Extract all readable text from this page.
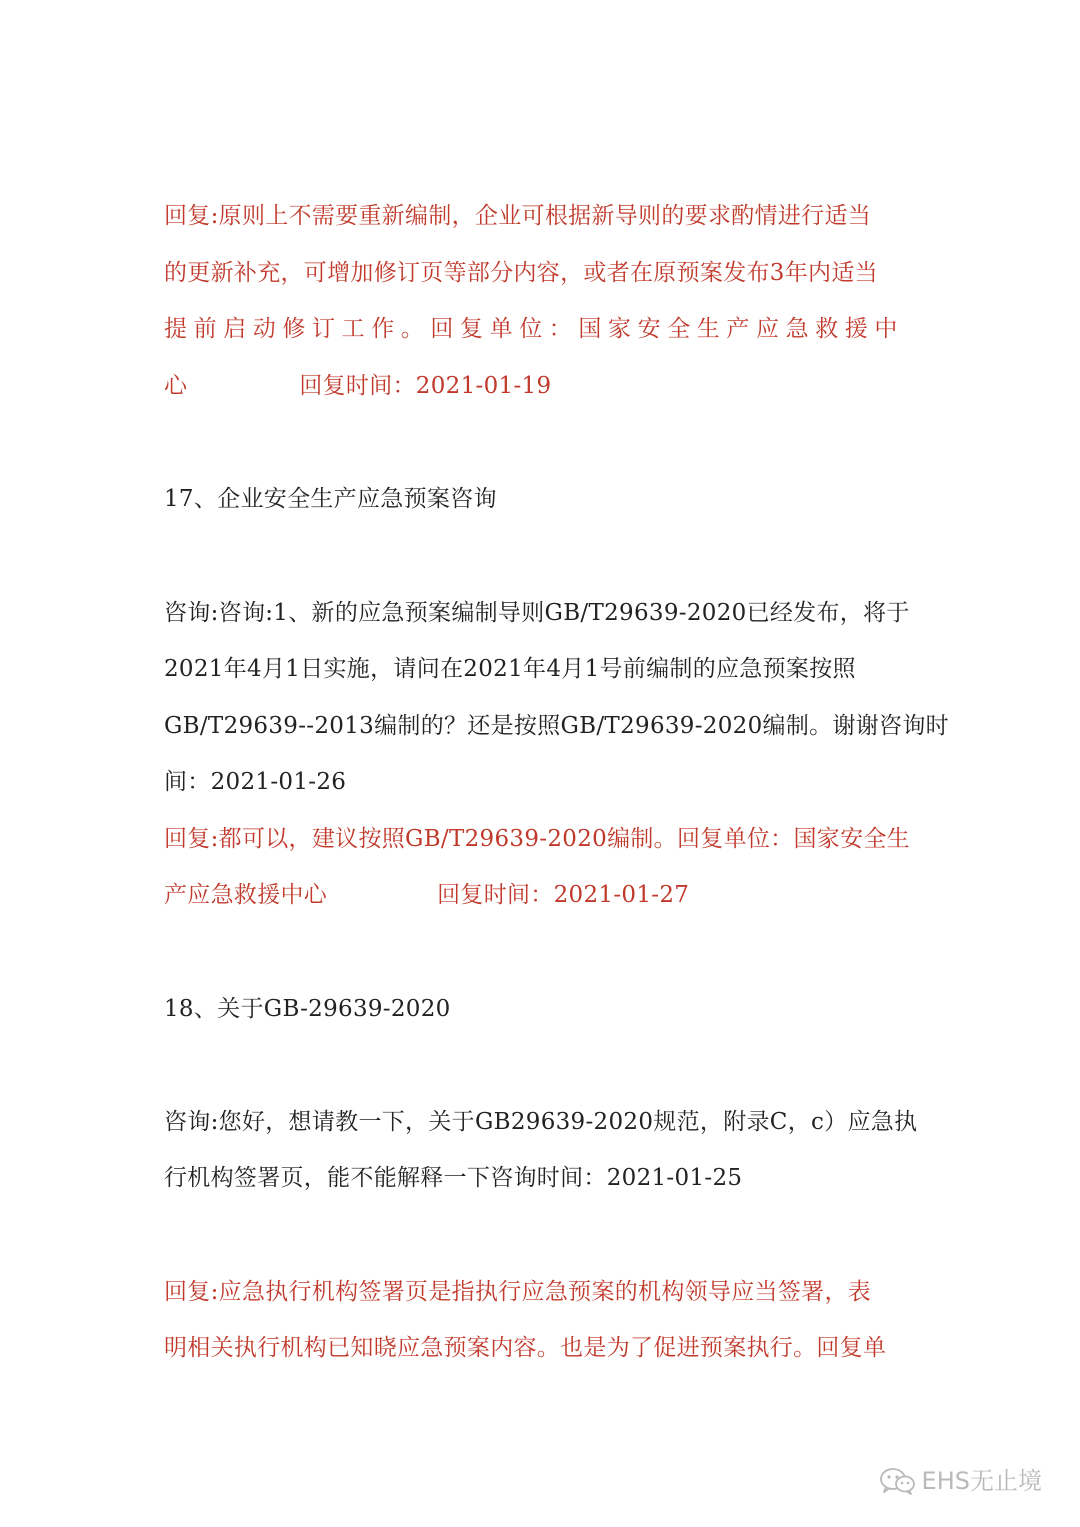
回复:原则上不需要重新编制，企业可根据新导则的要求酌情进行适当
的更新补充，可增加修订页等部分内容，或者在原预案发布3年内适当
提前启动修订工作。回复单位：国家安全生产应急救援中
心	回复时间：2021-01-19
17、企业安全生产应急预案咨询
咨询:咨询:1、新的应急预案编制导则GB/T29639-2020已经发布，将于
2021年4月1日实施，请问在2021年4月1号前编制的应急预案按照
GB/T29639--2013编制的？还是按照GB/T29639-2020编制。谢谢咨询时
间：2021-01-26
回复:都可以，建议按照GB/T29639-2020编制。回复单位：国家安全生
产应急救援中心	回复时间：2021-01-27
18、关于GB-29639-2020
咨询:您好，想请教一下，关于GB29639-2020规范，附录C，c）应急执
行机构签署页，能不能解释一下咨询时间：2021-01-25
回复:应急执行机构签署页是指执行应急预案的机构领导应当签署，表
明相关执行机构已知晓应急预案内容。也是为了促进预案执行。回复单
EHS无止境
